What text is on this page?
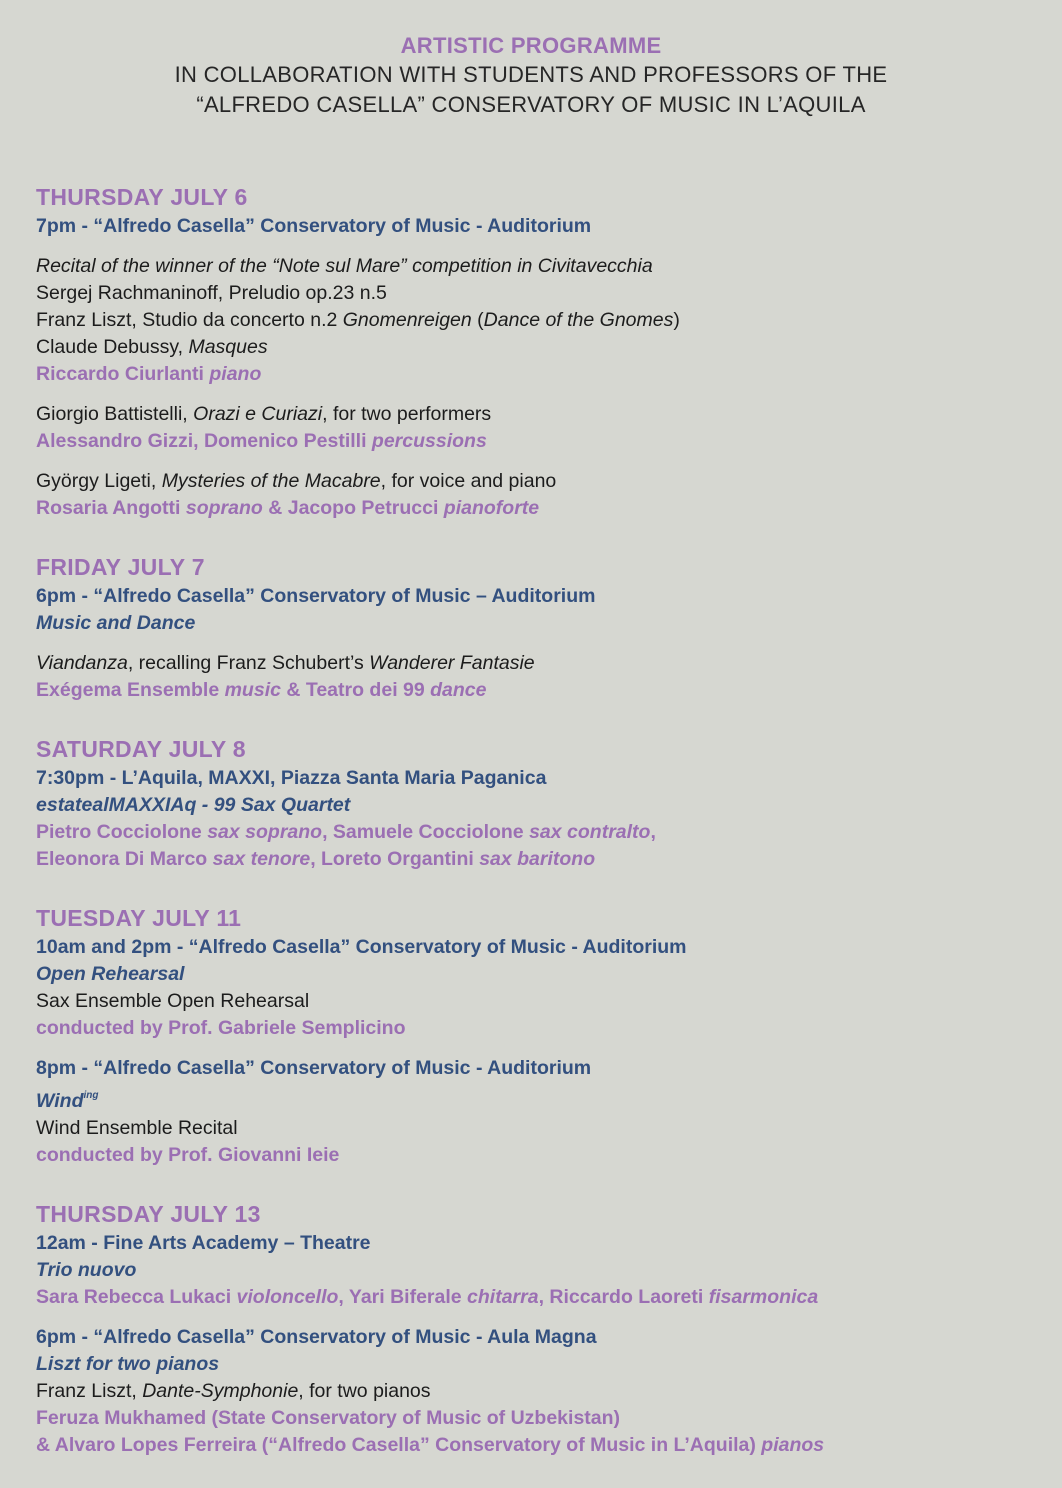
ARTISTIC PROGRAMME
IN COLLABORATION WITH STUDENTS AND PROFESSORS OF THE
“ALFREDO CASELLA” CONSERVATORY OF MUSIC IN L’AQUILA
THURSDAY JULY 6
7pm - “Alfredo Casella” Conservatory of Music - Auditorium
Recital of the winner of the “Note sul Mare” competition in Civitavecchia
Sergej Rachmaninoff, Preludio op.23 n.5
Franz Liszt, Studio da concerto n.2 Gnomenreigen (Dance of the Gnomes)
Claude Debussy, Masques
Riccardo Ciurlanti piano
Giorgio Battistelli, Orazi e Curiazi, for two performers
Alessandro Gizzi, Domenico Pestilli percussions
György Ligeti, Mysteries of the Macabre, for voice and piano
Rosaria Angotti soprano & Jacopo Petrucci pianoforte
FRIDAY JULY 7
6pm - “Alfredo Casella” Conservatory of Music – Auditorium
Music and Dance
Viandanza, recalling Franz Schubert’s Wanderer Fantasie
Exégema Ensemble music & Teatro dei 99 dance
SATURDAY JULY 8
7:30pm - L’Aquila, MAXXI, Piazza Santa Maria Paganica
estatealMAXXIAq - 99 Sax Quartet
Pietro Cocciolone sax soprano, Samuele Cocciolone sax contralto,
Eleonora Di Marco sax tenore, Loreto Organtini sax baritono
TUESDAY JULY 11
10am and 2pm - “Alfredo Casella” Conservatory of Music - Auditorium
Open Rehearsal
Sax Ensemble Open Rehearsal
conducted by Prof. Gabriele Semplicino
8pm - “Alfredo Casella” Conservatory of Music - Auditorium
Wind$^{ing}$
Wind Ensemble Recital
conducted by Prof. Giovanni Ieie
THURSDAY JULY 13
12am - Fine Arts Academy – Theatre
Trio nuovo
Sara Rebecca Lukaci violoncello, Yari Biferale chitarra, Riccardo Laoreti fisarmonica
6pm - “Alfredo Casella” Conservatory of Music - Aula Magna
Liszt for two pianos
Franz Liszt, Dante-Symphonie, for two pianos
Feruza Mukhamed (State Conservatory of Music of Uzbekistan)
& Alvaro Lopes Ferreira (“Alfredo Casella” Conservatory of Music in L’Aquila) pianos
